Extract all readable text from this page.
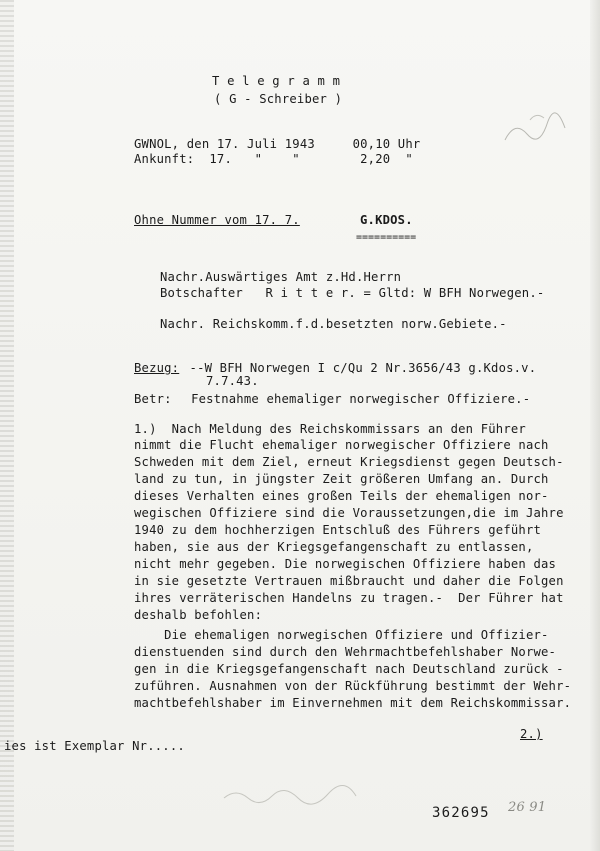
T e l e g r a m m
( G - Schreiber )
GWNOL, den 17. Juli 1943     00,10 Uhr
Ankunft:  17.   "    "        2,20  "
Ohne Nummer vom 17. 7.	G.KDOS.
==========
Nachr.Auswärtiges Amt z.Hd.Herrn
Botschafter   R i t t e r. = Gltd: W BFH Norwegen.-
Nachr. Reichskomm.f.d.besetzten norw.Gebiete.-
Bezug: --W BFH Norwegen I c/Qu 2 Nr.3656/43 g.Kdos.v.
7.7.43.
Betr: Festnahme ehemaliger norwegischer Offiziere.-
1.)  Nach Meldung des Reichskommissars an den Führer
nimmt die Flucht ehemaliger norwegischer Offiziere nach
Schweden mit dem Ziel, erneut Kriegsdienst gegen Deutsch-
land zu tun, in jüngster Zeit größeren Umfang an. Durch
dieses Verhalten eines großen Teils der ehemaligen nor-
wegischen Offiziere sind die Voraussetzungen,die im Jahre
1940 zu dem hochherzigen Entschluß des Führers geführt
haben, sie aus der Kriegsgefangenschaft zu entlassen,
nicht mehr gegeben. Die norwegischen Offiziere haben das
in sie gesetzte Vertrauen mißbraucht und daher die Folgen
ihres verräterischen Handelns zu tragen.-  Der Führer hat
deshalb befohlen:
Die ehemaligen norwegischen Offiziere und Offizier-
dienstuenden sind durch den Wehrmachtbefehlshaber Norwe-
gen in die Kriegsgefangenschaft nach Deutschland zurück -
zuführen. Ausnahmen von der Rückführung bestimmt der Wehr-
machtbefehlshaber im Einvernehmen mit dem Reichskommissar.
2.)
ies ist Exemplar Nr.....
362695 26 91
